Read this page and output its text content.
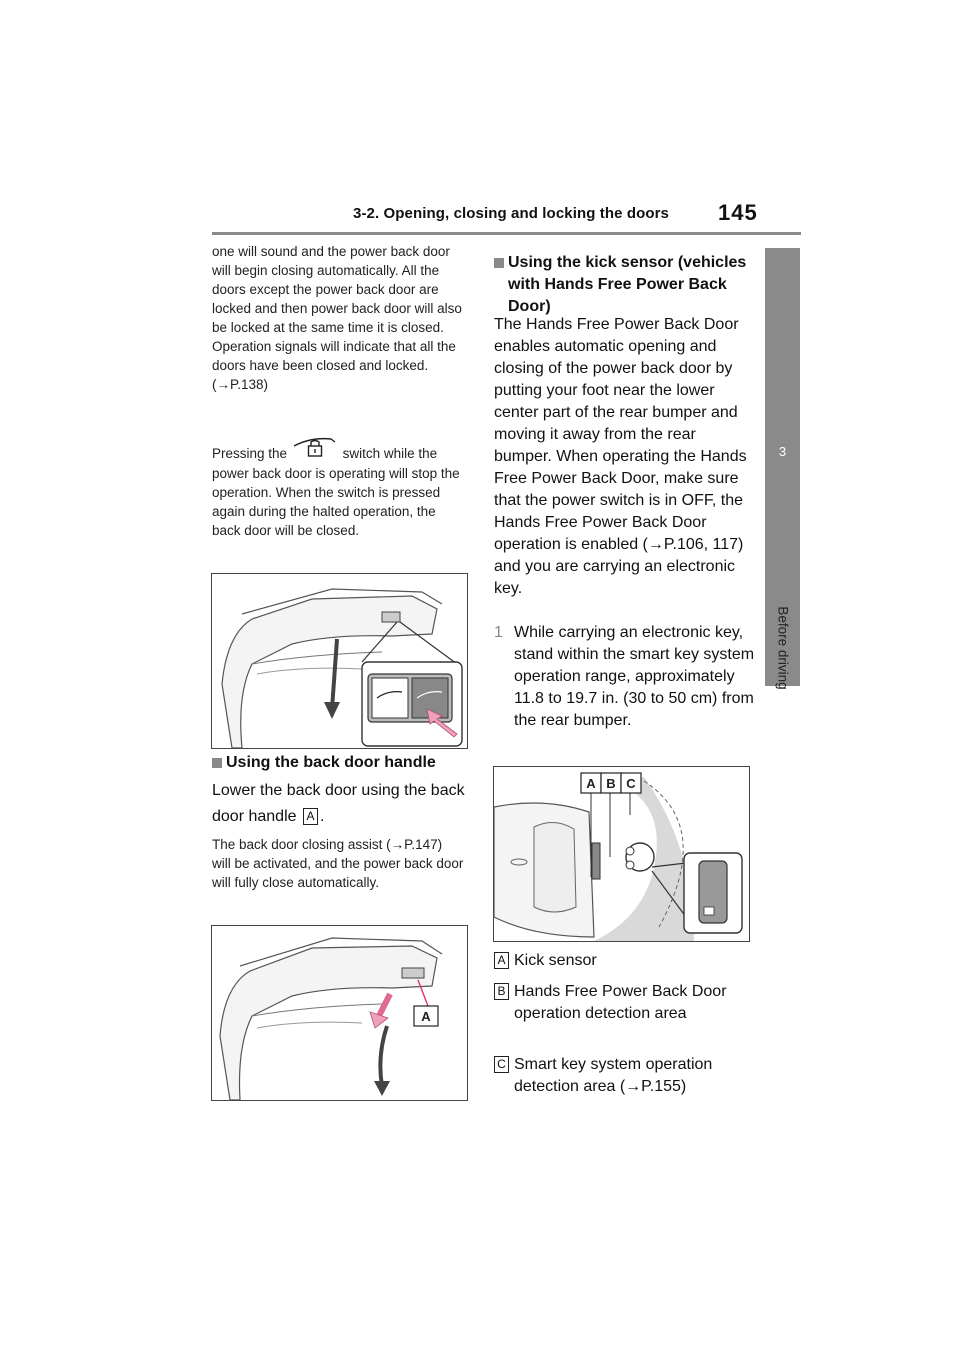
3-2. Opening, closing and locking the doors 145
3
Before driving

one will sound and the power back door will begin closing automatically. All the doors except the power back door are locked and then power back door will also be locked at the same time it is closed. Operation signals will indicate that all the doors have been closed and locked. (→P.138)

Pressing the	switch while the power back door is operating will stop the operation. When the switch is pressed again during the halted operation, the back door will be closed.

Using the back door handle

Lower the back door using the back door handle A .

The back door closing assist (→P.147) will be activated, and the power back door will fully close automatically.

A
Using the kick sensor (vehicles with Hands Free Power Back Door)

The Hands Free Power Back Door enables automatic opening and closing of the power back door by putting your foot near the lower center part of the rear bumper and moving it away from the rear bumper. When operating the Hands Free Power Back Door, make sure that the power switch is in OFF, the Hands Free Power Back Door operation is enabled (→P.106, 117) and you are carrying an electronic key.

1 While carrying an electronic key, stand within the smart key system operation range, approximately 11.8 to 19.7 in. (30 to 50 cm) from the rear bumper.
A B C
A Kick sensor
B Hands Free Power Back Door operation detection area
C Smart key system operation detection area (→P.155)
